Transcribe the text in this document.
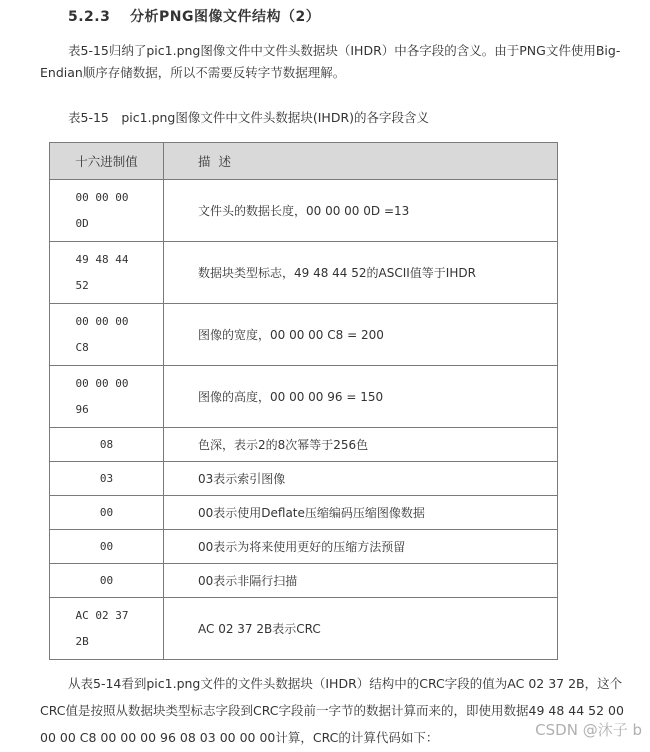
5.2.3 分析PNG图像文件结构（2）
表5-15归纳了pic1.png图像文件中文件头数据块（IHDR）中各字段的含义。由于PNG文件使用Big-Endian顺序存储数据，所以不需要反转字节数据理解。
表5-15　pic1.png图像文件中文件头数据块(IHDR)的各字段含义
十六进制值	描述

00 00 00 0D	文件头的数据长度，00 00 00 0D =13

49 48 44 52	数据块类型标志，49 48 44 52的ASCII值等于IHDR

00 00 00 C8	图像的宽度，00 00 00 C8 = 200

00 00 00 96	图像的高度，00 00 00 96 = 150
08	色深，表示2的8次幂等于256色
03	03表示索引图像
00	00表示使用Deflate压缩编码压缩图像数据
00	00表示为将来使用更好的压缩方法预留
00	00表示非隔行扫描

AC 02 37 2B	AC 02 37 2B表示CRC
从表5-14看到pic1.png文件的文件头数据块（IHDR）结构中的CRC字段的值为AC 02 37 2B，这个CRC值是按照从数据块类型标志字段到CRC字段前一字节的数据计算而来的，即使用数据49 48 44 52 00 00 00 C8 00 00 00 96 08 03 00 00 00计算，CRC的计算代码如下：	CSDN @沐子 b
